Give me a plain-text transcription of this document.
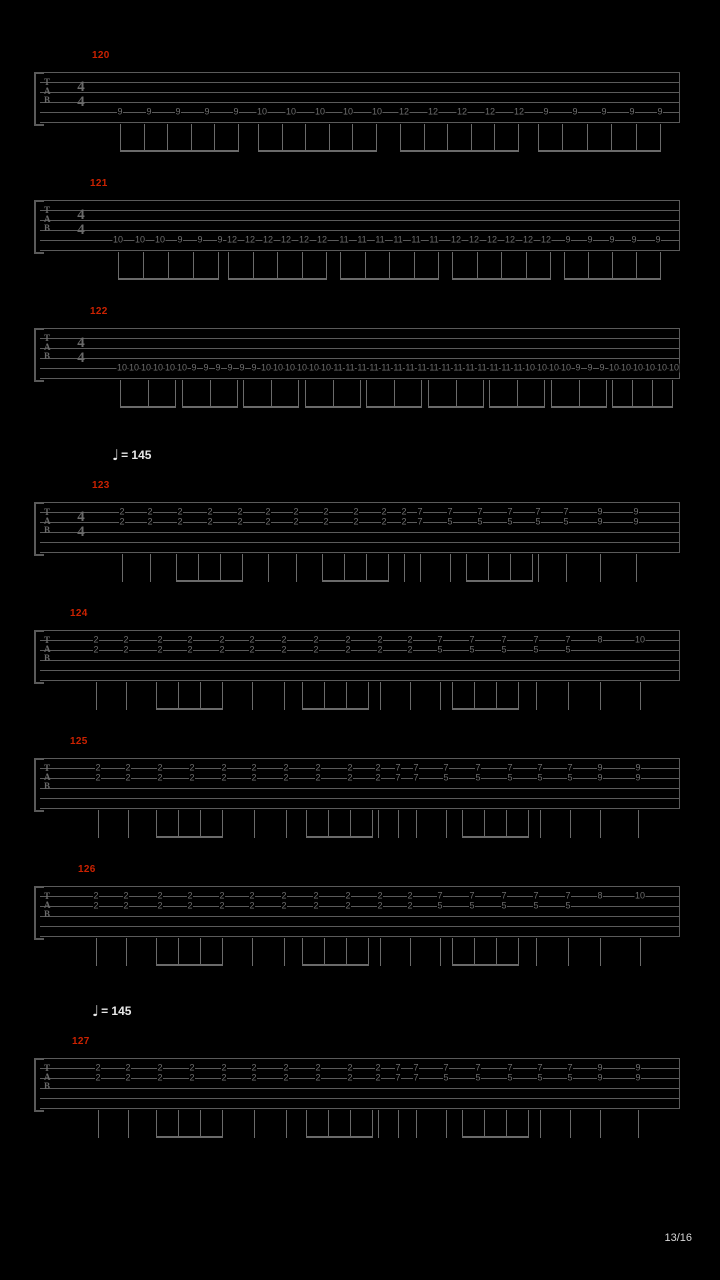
120
T
A
B
4
4
9	9	9	9	9 10 10 10 10 10 12 12 12 12 12 9	9	9	9	9
121
T
A
B
4
4
10 10 10 9 9 9 12 12 12 12 12 12 11 11 11 11 11 11 12 12 12 12 12 12 9 9 9 9 9
122
T
A
B
4
4
10 10 10 10 10 10 9 9 9 9 9 9 10 10 10 10 10 10 11 11 11 11 11 11 11 11 11 11 11 11 11 11 11 11 10 10 10 10 9 9 9 10 10 10 10 10 10
123
T
A
B
4
4
2
2
2
2
2
2
2
2
2
2
2
2
2
2
2
2
2
2
2
2
2
2
7
7
7
5
7
5
7
5
7
5
7
5
9
9
9
9
124
T
A
B
2
2
2
2
2
2
2
2
2
2
2
2
2
2
2
2
2
2
2
2
2
2
7
5
7
5
7
5
7
5
7
5
8	10
125
T
A
B
2
2
2
2
2
2
2
2
2
2
2
2
2
2
2
2
2
2
2
2
7
7
7
7
7
5
7
5
7
5
7
5
7
5
9
9
9
9
126
T
A
B
2
2
2
2
2
2
2
2
2
2
2
2
2
2
2
2
2
2
2
2
2
2
7
5
7
5
7
5
7
5
7
5
8	10
127
T
A
B
2
2
2
2
2
2
2
2
2
2
2
2
2
2
2
2
2
2
2
2
7
7
7
7
7
5
7
5
7
5
7
5
7
5
9
9
9
9
♩ = 145
♩ = 145
13/16
